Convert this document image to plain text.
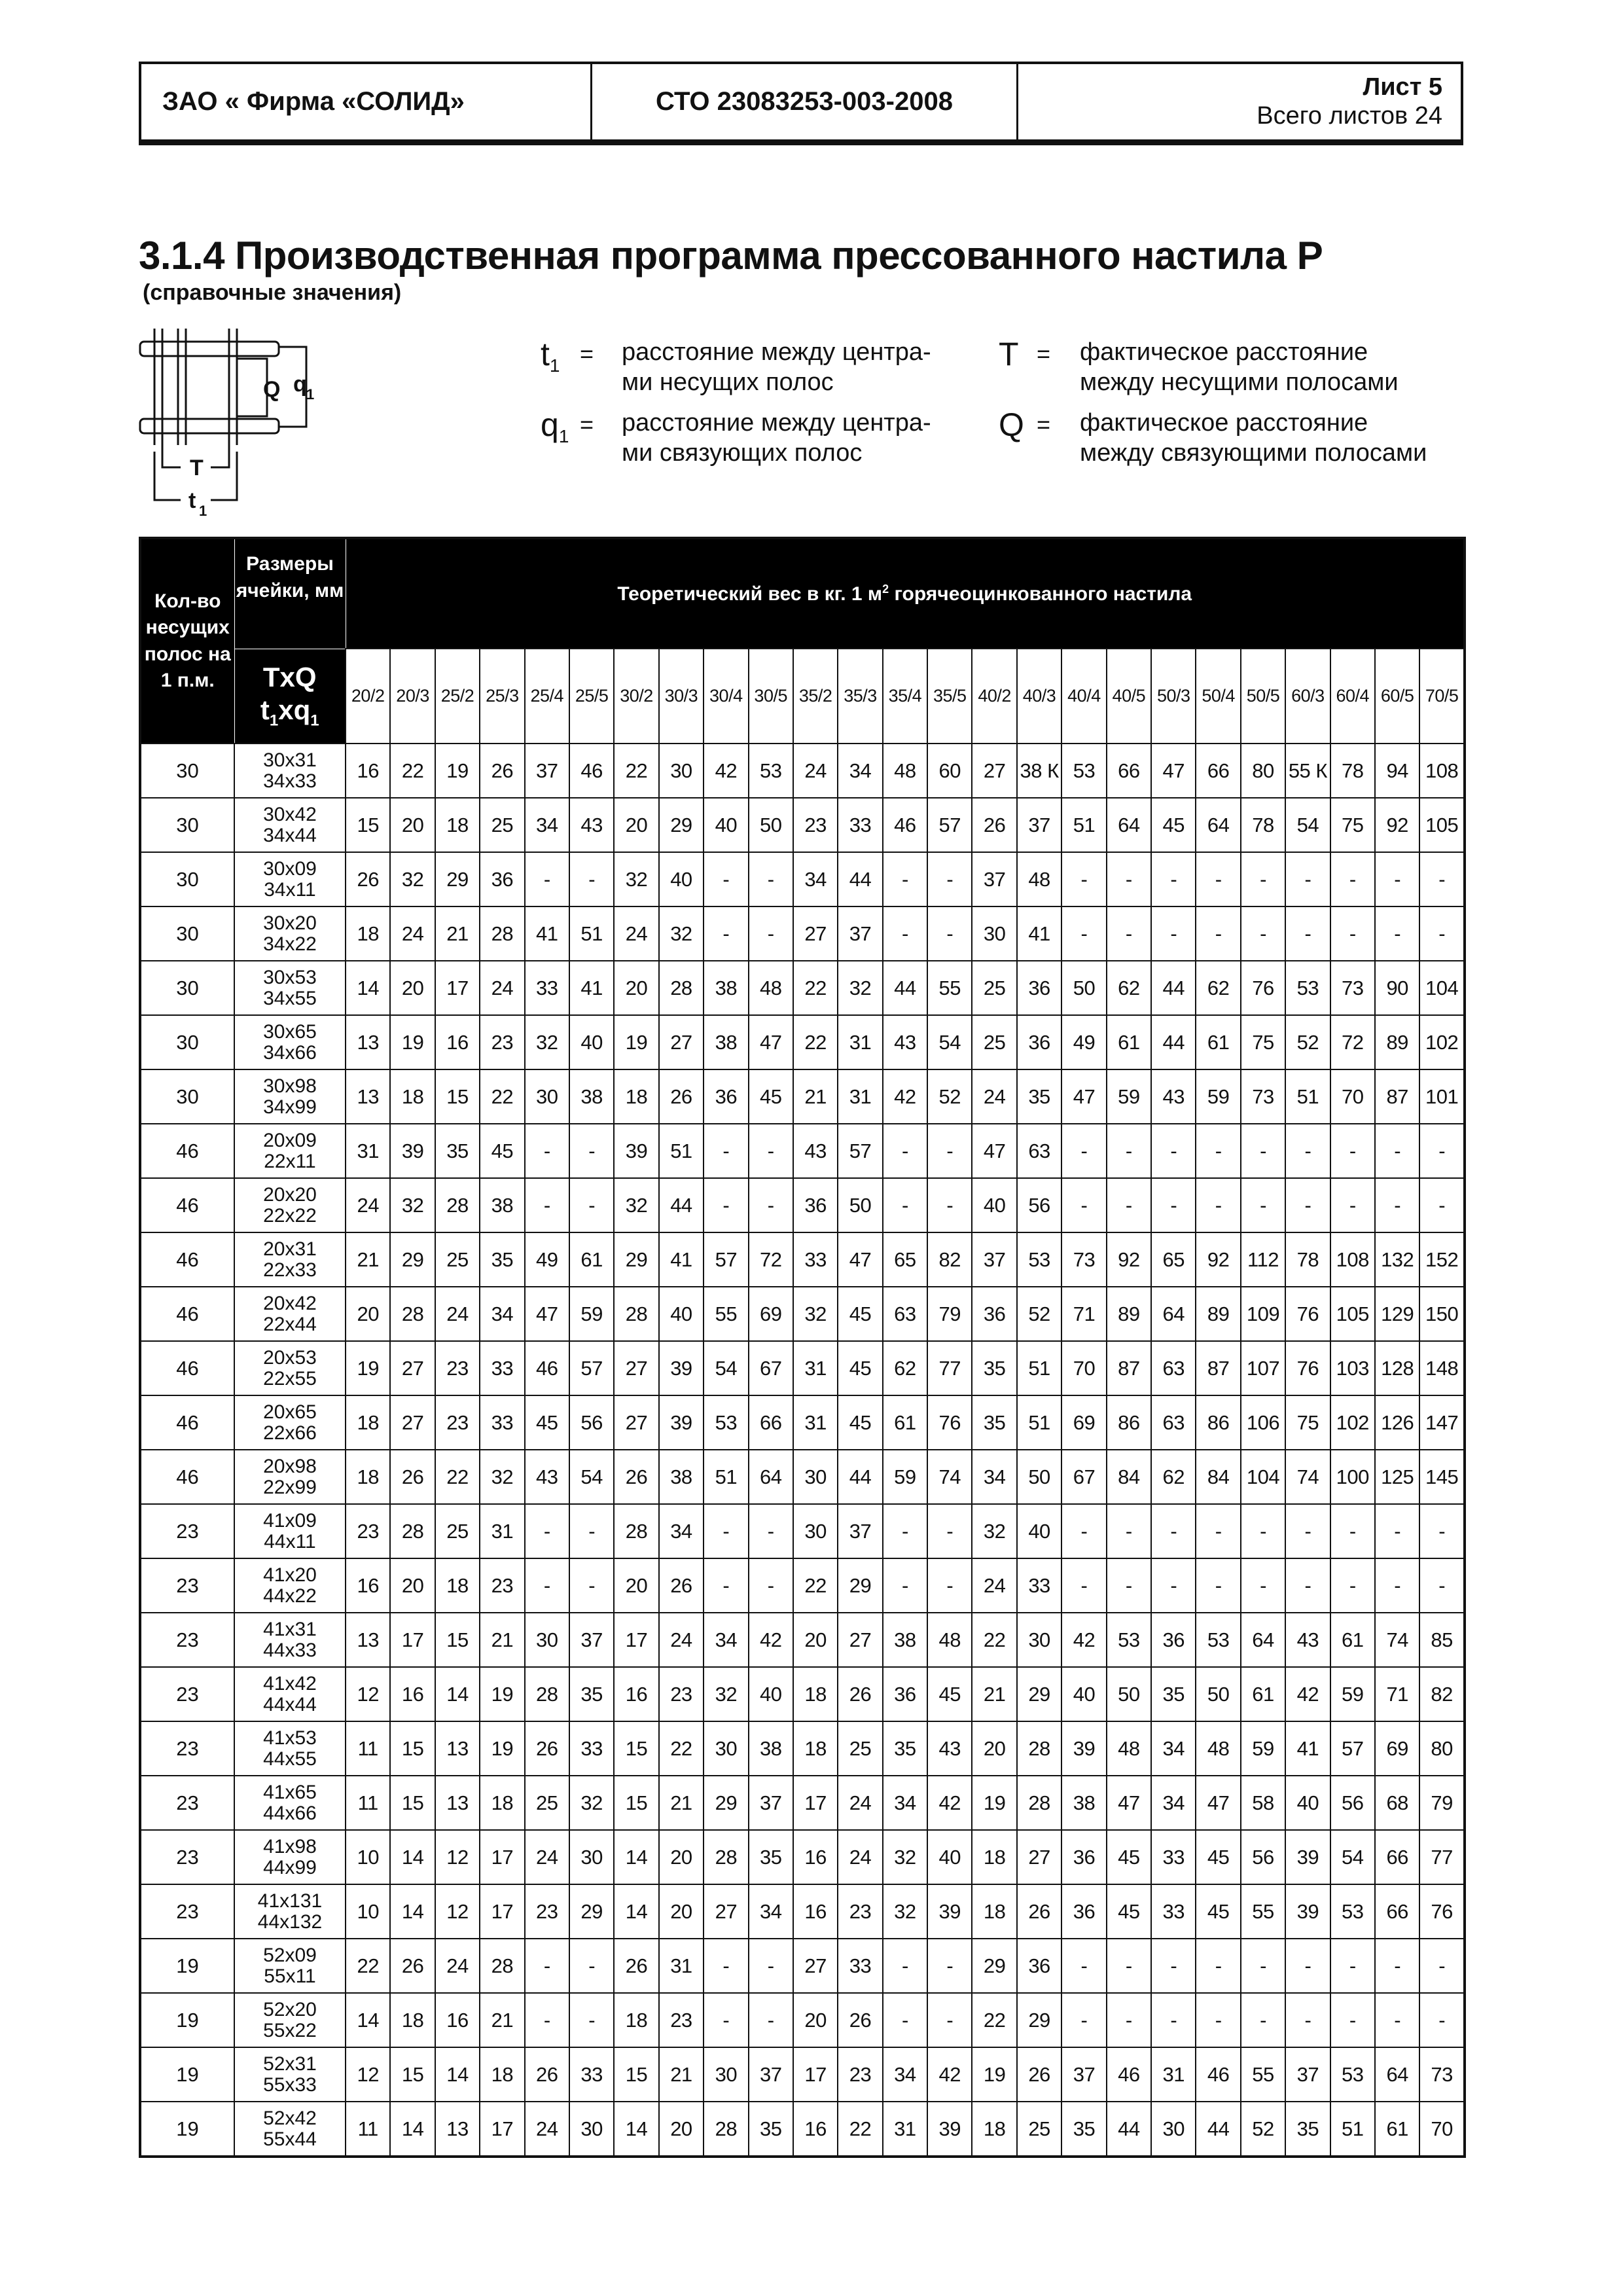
ЗАО « Фирма «СОЛИД»	СТО 23083253-003-2008
Лист 5
Всего листов 24
3.1.4 Производственная программа прессованного настила Р
(справочные значения)
Q q 1
T
t 1
$t_1$ = расстояние между центра-
ми несущих полос
T = фактическое расстояние
между несущими полосами
$q_1$ = расстояние между центра-
ми связующих полос
Q = фактическое расстояние
между связующими полосами
Кол-во несущих полос на 1 п.м.	Размеры ячейки, мм	Теоретический вес в кг. 1 $м^2$ горячеоцинкованного настила																								

	TxQ
$t_1xq_1$	20/2	20/3	25/2	25/3	25/4	25/5	30/2	30/3	30/4	30/5	35/2	35/3	35/4	35/5	40/2	40/3	40/4	40/5	50/3	50/4	50/5	60/3	60/4	60/5	70/5
30	30x31
34x33	16	22	19	26	37	46	22	30	42	53	24	34	48	60	27	38 К	53	66	47	66	80	55 К	78	94	108
30	30x42
34x44	15	20	18	25	34	43	20	29	40	50	23	33	46	57	26	37	51	64	45	64	78	54	75	92	105
30	30x09
34x11	26	32	29	36	-	-	32	40	-	-	34	44	-	-	37	48	-	-	-	-	-	-	-	-	-
30	30x20
34x22	18	24	21	28	41	51	24	32	-	-	27	37	-	-	30	41	-	-	-	-	-	-	-	-	-
30	30x53
34x55	14	20	17	24	33	41	20	28	38	48	22	32	44	55	25	36	50	62	44	62	76	53	73	90	104
30	30x65
34x66	13	19	16	23	32	40	19	27	38	47	22	31	43	54	25	36	49	61	44	61	75	52	72	89	102
30	30x98
34x99	13	18	15	22	30	38	18	26	36	45	21	31	42	52	24	35	47	59	43	59	73	51	70	87	101
46	20x09
22x11	31	39	35	45	-	-	39	51	-	-	43	57	-	-	47	63	-	-	-	-	-	-	-	-	-
46	20x20
22x22	24	32	28	38	-	-	32	44	-	-	36	50	-	-	40	56	-	-	-	-	-	-	-	-	-
46	20x31
22x33	21	29	25	35	49	61	29	41	57	72	33	47	65	82	37	53	73	92	65	92	112	78	108	132	152
46	20x42
22x44	20	28	24	34	47	59	28	40	55	69	32	45	63	79	36	52	71	89	64	89	109	76	105	129	150
46	20x53
22x55	19	27	23	33	46	57	27	39	54	67	31	45	62	77	35	51	70	87	63	87	107	76	103	128	148
46	20x65
22x66	18	27	23	33	45	56	27	39	53	66	31	45	61	76	35	51	69	86	63	86	106	75	102	126	147
46	20x98
22x99	18	26	22	32	43	54	26	38	51	64	30	44	59	74	34	50	67	84	62	84	104	74	100	125	145
23	41x09
44x11	23	28	25	31	-	-	28	34	-	-	30	37	-	-	32	40	-	-	-	-	-	-	-	-	-
23	41x20
44x22	16	20	18	23	-	-	20	26	-	-	22	29	-	-	24	33	-	-	-	-	-	-	-	-	-
23	41x31
44x33	13	17	15	21	30	37	17	24	34	42	20	27	38	48	22	30	42	53	36	53	64	43	61	74	85
23	41x42
44x44	12	16	14	19	28	35	16	23	32	40	18	26	36	45	21	29	40	50	35	50	61	42	59	71	82
23	41x53
44x55	11	15	13	19	26	33	15	22	30	38	18	25	35	43	20	28	39	48	34	48	59	41	57	69	80
23	41x65
44x66	11	15	13	18	25	32	15	21	29	37	17	24	34	42	19	28	38	47	34	47	58	40	56	68	79
23	41x98
44x99	10	14	12	17	24	30	14	20	28	35	16	24	32	40	18	27	36	45	33	45	56	39	54	66	77
23	41x131
44x132	10	14	12	17	23	29	14	20	27	34	16	23	32	39	18	26	36	45	33	45	55	39	53	66	76
19	52x09
55x11	22	26	24	28	-	-	26	31	-	-	27	33	-	-	29	36	-	-	-	-	-	-	-	-	-
19	52x20
55x22	14	18	16	21	-	-	18	23	-	-	20	26	-	-	22	29	-	-	-	-	-	-	-	-	-
19	52x31
55x33	12	15	14	18	26	33	15	21	30	37	17	23	34	42	19	26	37	46	31	46	55	37	53	64	73
19	52x42
55x44	11	14	13	17	24	30	14	20	28	35	16	22	31	39	18	25	35	44	30	44	52	35	51	61	70
